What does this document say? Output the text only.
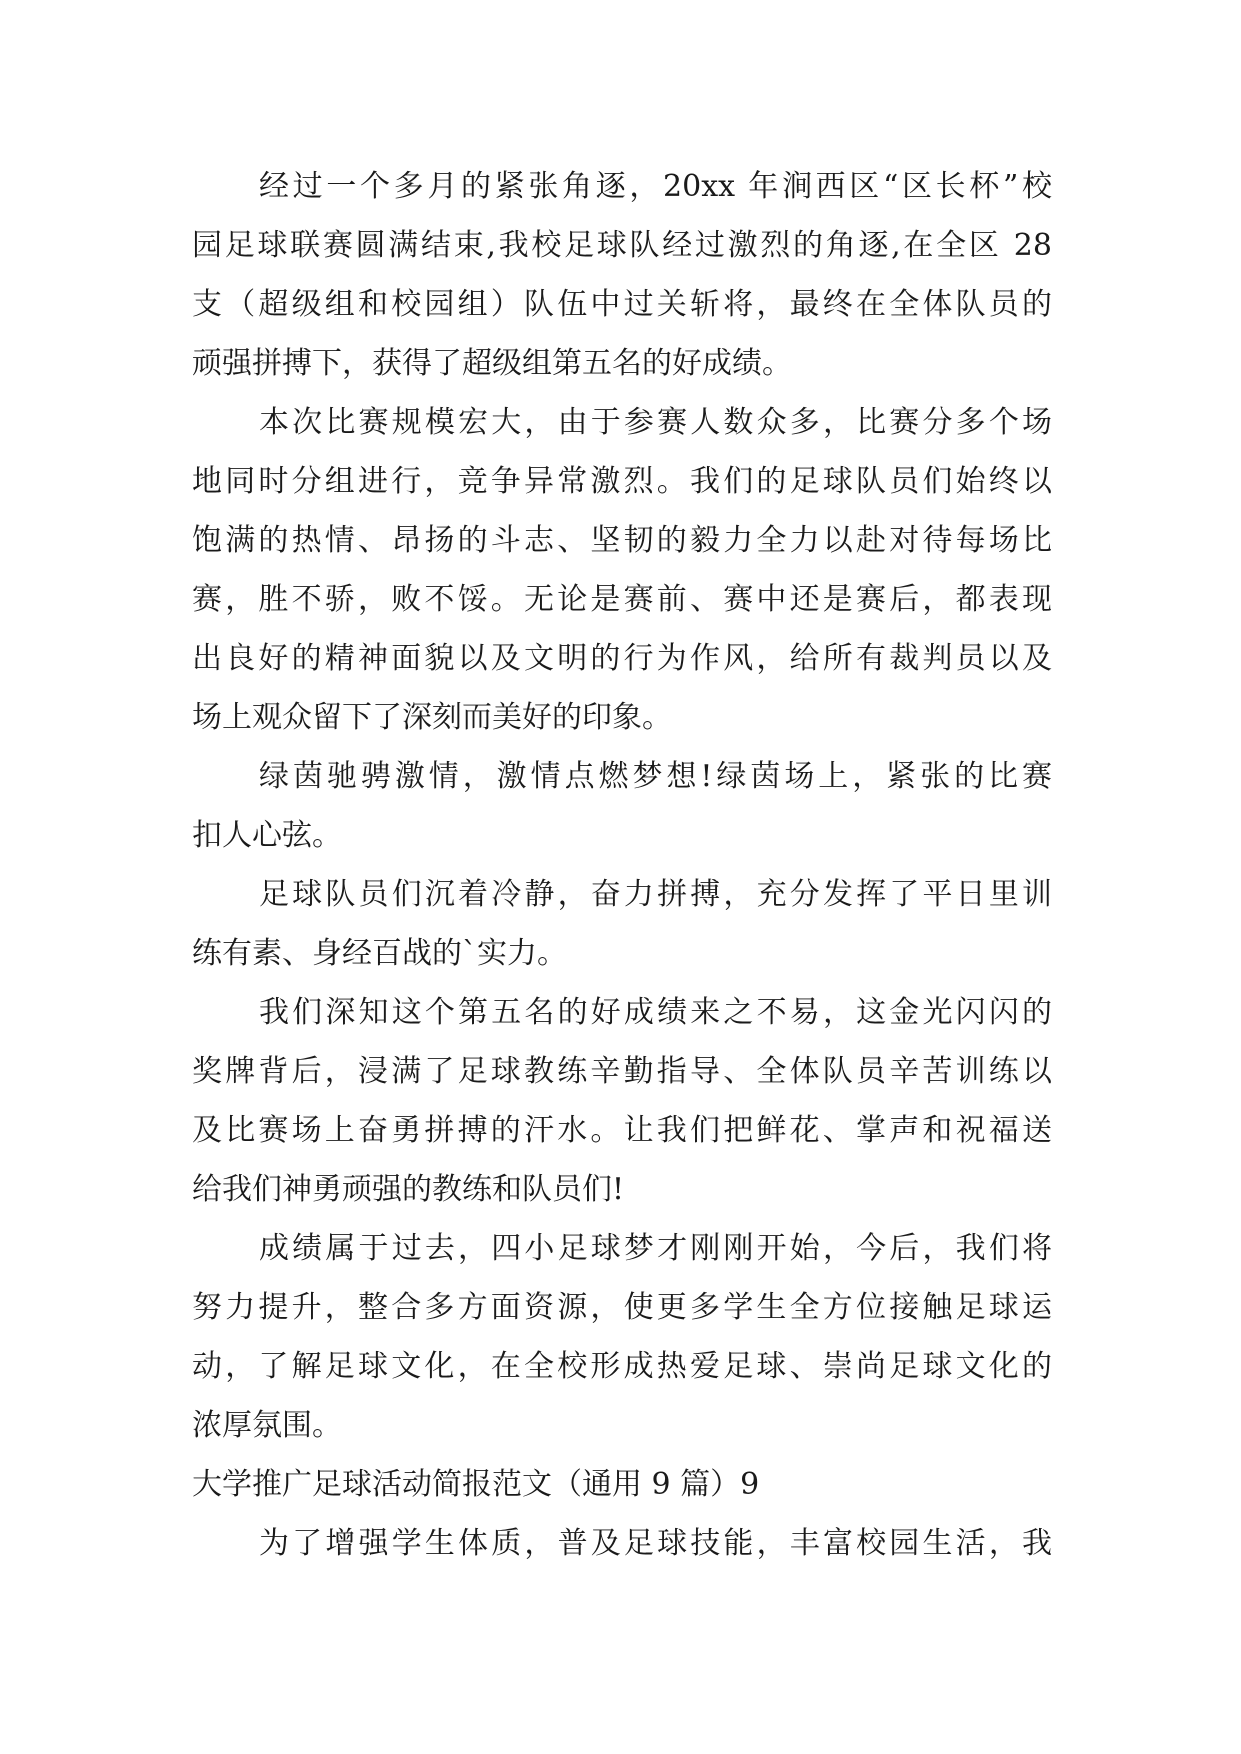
经过一个多月的紧张角逐，20xx 年涧西区“区长杯”校
园足球联赛圆满结束,我校足球队经过激烈的角逐,在全区 28
支（超级组和校园组）队伍中过关斩将，最终在全体队员的
顽强拼搏下，获得了超级组第五名的好成绩。
本次比赛规模宏大，由于参赛人数众多，比赛分多个场
地同时分组进行，竞争异常激烈。我们的足球队员们始终以
饱满的热情、昂扬的斗志、坚韧的毅力全力以赴对待每场比
赛，胜不骄，败不馁。无论是赛前、赛中还是赛后，都表现
出良好的精神面貌以及文明的行为作风，给所有裁判员以及
场上观众留下了深刻而美好的印象。
绿茵驰骋激情，激情点燃梦想!绿茵场上，紧张的比赛
扣人心弦。
足球队员们沉着冷静，奋力拼搏，充分发挥了平日里训
练有素、身经百战的`实力。
我们深知这个第五名的好成绩来之不易，这金光闪闪的
奖牌背后，浸满了足球教练辛勤指导、全体队员辛苦训练以
及比赛场上奋勇拼搏的汗水。让我们把鲜花、掌声和祝福送
给我们神勇顽强的教练和队员们!
成绩属于过去，四小足球梦才刚刚开始，今后，我们将
努力提升，整合多方面资源，使更多学生全方位接触足球运
动，了解足球文化，在全校形成热爱足球、崇尚足球文化的
浓厚氛围。
大学推广足球活动简报范文（通用 9 篇）9
为了增强学生体质，普及足球技能，丰富校园生活，我
